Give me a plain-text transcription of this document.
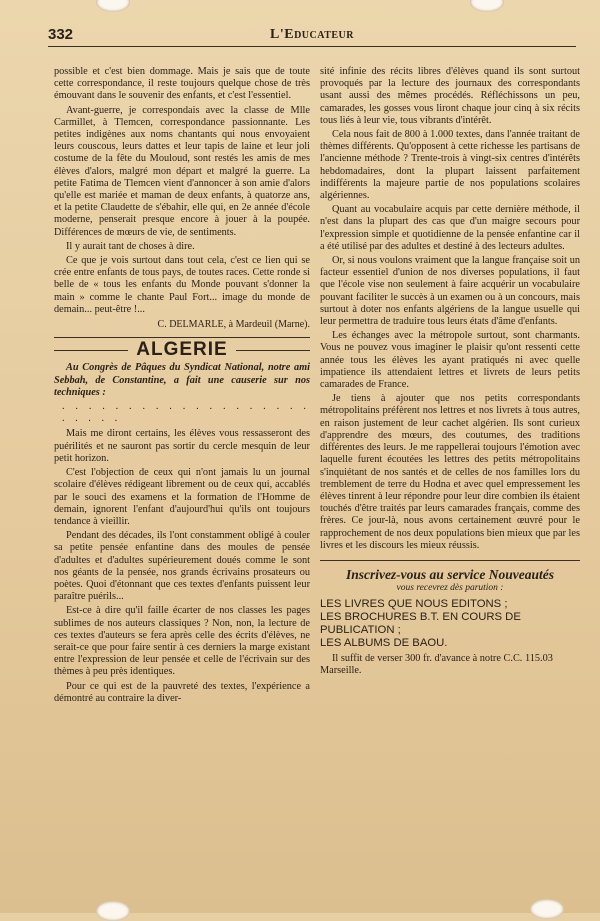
332	L'Educateur

possible et c'est bien dommage. Mais je sais que de toute cette correspondance, il reste toujours quelque chose de très émouvant dans le souvenir des enfants, et c'est l'essentiel.

Avant-guerre, je correspondais avec la classe de Mlle Carmillet, à Tlemcen, correspondance passionnante. Les petites indigènes aux noms chantants qui nous envoyaient leurs couscous, leurs dattes et leur tapis de laine et leur joli costume de la fête du Mouloud, sont restés les amis de mes élèves d'alors, malgré mon départ et malgré la guerre. La petite Fatima de Tlemcen vient d'annoncer à son amie d'alors qu'elle est mariée et maman de deux enfants, à quatorze ans, et la petite Claudette de s'ébahir, elle qui, en 2e année d'école moderne, penserait presque encore à jouer à la poupée. Différences de mœurs de vie, de sentiments.

Il y aurait tant de choses à dire.

Ce que je vois surtout dans tout cela, c'est ce lien qui se crée entre enfants de tous pays, de toutes races. Cette ronde si belle de « tous les enfants du Monde pouvant s'donner la main » comme le chante Paul Fort... image du monde de demain... peut-être !...

C. DELMARLE, à Mardeuil (Marne).
ALGERIE

Au Congrès de Pâques du Syndicat National, notre ami Sebbah, de Constantine, a fait une causerie sur nos techniques :

. . . . . . . . . . . . . . . . . . . . . . . .

Mais me diront certains, les élèves vous ressasseront des puérilités et ne sauront pas sortir du cercle mesquin de leur petit horizon.

C'est l'objection de ceux qui n'ont jamais lu un journal scolaire d'élèves rédigeant librement ou de ceux qui, accablés par le souci des examens et la formation de l'Homme de demain, ignorent l'enfant d'aujourd'hui qu'ils ont toujours tendance à vieillir.

Pendant des décades, ils l'ont constamment obligé à couler sa petite pensée enfantine dans des moules de pensée d'adultes et d'adultes supérieurement doués comme le sont nos géants de la pensée, nos grands écrivains prosateurs ou poètes. Quoi d'étonnant que ces textes d'enfants puissent leur paraître puérils...

Est-ce à dire qu'il faille écarter de nos classes les pages sublimes de nos auteurs classiques ? Non, non, la lecture de ces textes d'auteurs se fera après celle des écrits d'élèves, ne serait-ce que pour faire sentir à ces derniers la marge existant entre l'expression de leur pensée et celle de l'écrivain sur des thèmes à peu près identiques.

Pour ce qui est de la pauvreté des textes, l'expérience a démontré au contraire la diver-

sité infinie des récits libres d'élèves quand ils sont surtout provoqués par la lecture des journaux des correspondants usant aussi des mêmes procédés. Réfléchissons un peu, camarades, les gosses vous liront chaque jour cinq à six récits tous liés à leur vie, tous vibrants d'intérêt.

Cela nous fait de 800 à 1.000 textes, dans l'année traitant de thèmes différents. Qu'opposent à cette richesse les partisans de l'ancienne méthode ? Trente-trois à vingt-six centres d'intérêts hebdomadaires, dont la plupart laissent parfaitement indifférents la majeure partie de nos populations scolaires algériennes.

Quant au vocabulaire acquis par cette dernière méthode, il n'est dans la plupart des cas que d'un maigre secours pour l'expression simple et quotidienne de la pensée enfantine car il a été utilisé par des adultes et destiné à des lecteurs adultes.

Or, si nous voulons vraiment que la langue française soit un facteur essentiel d'union de nos diverses populations, il faut que l'école vise non seulement à faire acquérir un vocabulaire pouvant faciliter le succès à un examen ou à un concours, mais surtout à doter nos enfants algériens de la langue usuelle qui leur permettra de traduire tous leurs états d'âme d'enfants.

Les échanges avec la métropole surtout, sont charmants. Vous ne pouvez vous imaginer le plaisir qu'ont ressenti cette année tous les élèves les ayant pratiqués ni avec quelle impatience ils attendaient lettres et livrets de leurs petits camarades de France.

Je tiens à ajouter que nos petits correspondants métropolitains préfèrent nos lettres et nos livrets à tous autres, en raison justement de leur cachet algérien. Ils sont curieux d'apprendre des mœurs, des coutumes, des traditions différentes des leurs. Je me rappellerai toujours l'émotion avec laquelle furent écoutées les lettres des petits métropolitains s'inquiétant de nos santés et de celles de nos familles lors du tremblement de terre du Hodna et avec quel empressement les élèves tinrent à leur répondre pour leur dire combien ils étaient touchés d'être traités par leurs camarades français, comme des frères. Ce jour-là, nous avons certainement œuvré pour le rapprochement de nos deux populations bien mieux que par les livres et les discours les mieux réussis.

Inscrivez-vous au service Nouveautés
vous recevrez dès parution :
LES LIVRES QUE NOUS EDITONS ;
LES BROCHURES B.T. EN COURS DE PUBLICATION ;
LES ALBUMS DE BAOU.
Il suffit de verser 300 fr. d'avance à notre C.C. 115.03 Marseille.
